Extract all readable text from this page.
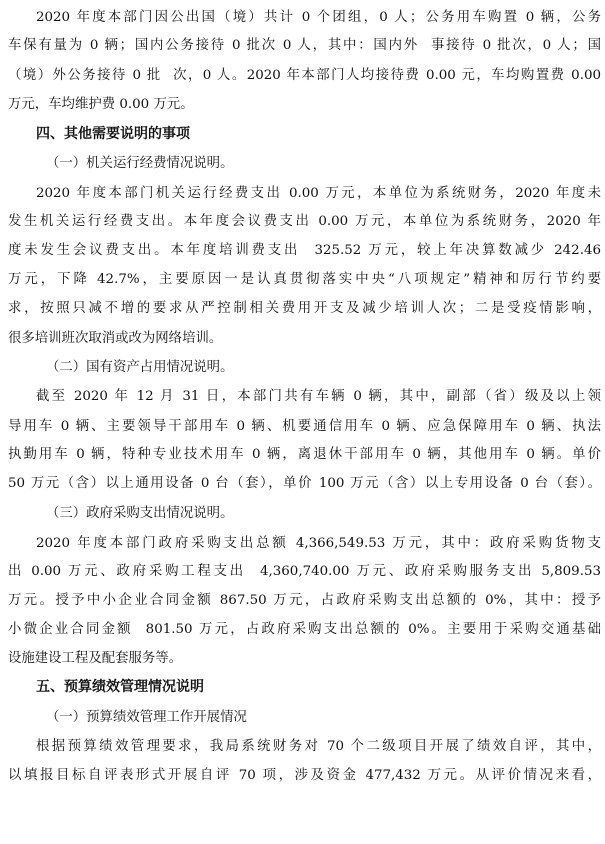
2020 年度本部门因公出国（境）共计 0 个团组，0 人；公务用车购置 0 辆，公务
车保有量为 0 辆；国内公务接待 0 批次 0 人，其中：国内外  事接待 0 批次，0 人；国
（境）外公务接待 0 批  次，0 人。2020 年本部门人均接待费 0.00 元，车均购置费 0.00
万元，车均维护费 0.00 万元。
四、其他需要说明的事项
（一）机关运行经费情况说明。
2020 年度本部门机关运行经费支出 0.00 万元，本单位为系统财务，2020 年度未
发生机关运行经费支出。本年度会议费支出 0.00 万元，本单位为系统财务，2020 年
度未发生会议费支出。本年度培训费支出  325.52 万元，较上年决算数减少 242.46
万元，下降 42.7%，主要原因一是认真贯彻落实中央“八项规定”精神和厉行节约要
求，按照只减不增的要求从严控制相关费用开支及减少培训人次；二是受疫情影响，
很多培训班次取消或改为网络培训。
（二）国有资产占用情况说明。
截至 2020 年 12 月 31 日，本部门共有车辆 0 辆，其中，副部（省）级及以上领
导用车 0 辆、主要领导干部用车 0 辆、机要通信用车 0 辆、应急保障用车 0 辆、执法
执勤用车 0 辆，特种专业技术用车 0 辆，离退休干部用车 0 辆，其他用车 0 辆。单价
50 万元（含）以上通用设备 0 台（套），单价 100 万元（含）以上专用设备 0 台（套）。
（三）政府采购支出情况说明。
2020 年度本部门政府采购支出总额 4,366,549.53 万元，其中：政府采购货物支
出 0.00 万元、政府采购工程支出  4,360,740.00 万元、政府采购服务支出 5,809.53
万元。授予中小企业合同金额 867.50 万元，占政府采购支出总额的 0%，其中：授予
小微企业合同金额  801.50 万元，占政府采购支出总额的 0%。主要用于采购交通基础
设施建设工程及配套服务等。
五、预算绩效管理情况说明
（一）预算绩效管理工作开展情况
根据预算绩效管理要求，我局系统财务对 70 个二级项目开展了绩效自评，其中，
以填报目标自评表形式开展自评 70 项，涉及资金 477,432 万元。从评价情况来看，
